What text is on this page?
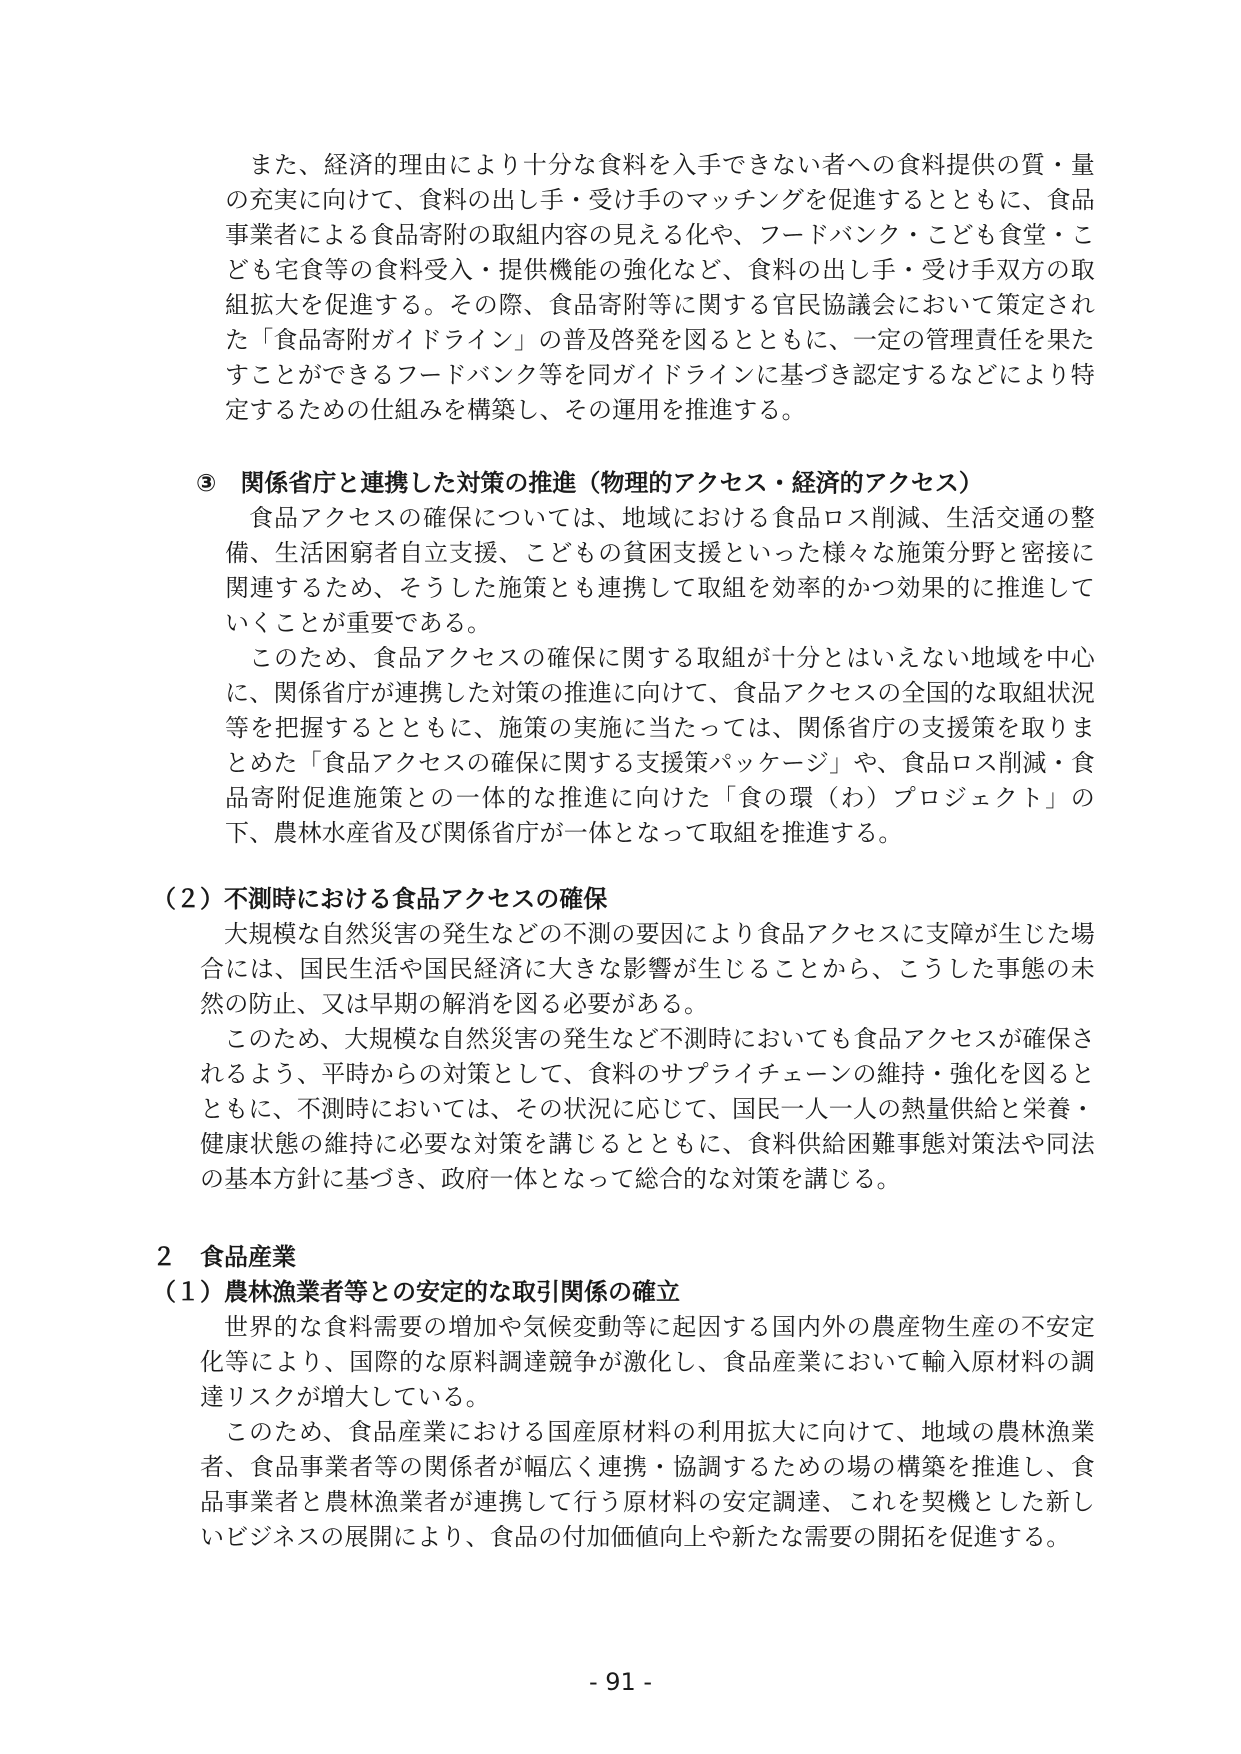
また、経済的理由により十分な食料を入手できない者への食料提供の質・量の充実に向けて、食料の出し手・受け手のマッチングを促進するとともに、食品事業者による食品寄附の取組内容の見える化や、フードバンク・こども食堂・こども宅食等の食料受入・提供機能の強化など、食料の出し手・受け手双方の取組拡大を促進する。その際、食品寄附等に関する官民協議会において策定された「食品寄附ガイドライン」の普及啓発を図るとともに、一定の管理責任を果たすことができるフードバンク等を同ガイドラインに基づき認定するなどにより特定するための仕組みを構築し、その運用を推進する。

③　関係省庁と連携した対策の推進（物理的アクセス・経済的アクセス）

食品アクセスの確保については、地域における食品ロス削減、生活交通の整備、生活困窮者自立支援、こどもの貧困支援といった様々な施策分野と密接に関連するため、そうした施策とも連携して取組を効率的かつ効果的に推進していくことが重要である。

このため、食品アクセスの確保に関する取組が十分とはいえない地域を中心に、関係省庁が連携した対策の推進に向けて、食品アクセスの全国的な取組状況等を把握するとともに、施策の実施に当たっては、関係省庁の支援策を取りまとめた「食品アクセスの確保に関する支援策パッケージ」や、食品ロス削減・食品寄附促進施策との一体的な推進に向けた「食の環（わ）プロジェクト」の下、農林水産省及び関係省庁が一体となって取組を推進する。

（２）不測時における食品アクセスの確保

大規模な自然災害の発生などの不測の要因により食品アクセスに支障が生じた場合には、国民生活や国民経済に大きな影響が生じることから、こうした事態の未然の防止、又は早期の解消を図る必要がある。

このため、大規模な自然災害の発生など不測時においても食品アクセスが確保されるよう、平時からの対策として、食料のサプライチェーンの維持・強化を図るとともに、不測時においては、その状況に応じて、国民一人一人の熱量供給と栄養・健康状態の維持に必要な対策を講じるとともに、食料供給困難事態対策法や同法の基本方針に基づき、政府一体となって総合的な対策を講じる。

２　食品産業
（１）農林漁業者等との安定的な取引関係の確立

世界的な食料需要の増加や気候変動等に起因する国内外の農産物生産の不安定化等により、国際的な原料調達競争が激化し、食品産業において輸入原材料の調達リスクが増大している。

このため、食品産業における国産原材料の利用拡大に向けて、地域の農林漁業者、食品事業者等の関係者が幅広く連携・協調するための場の構築を推進し、食品事業者と農林漁業者が連携して行う原材料の安定調達、これを契機とした新しいビジネスの展開により、食品の付加価値向上や新たな需要の開拓を促進する。

- 91 -
